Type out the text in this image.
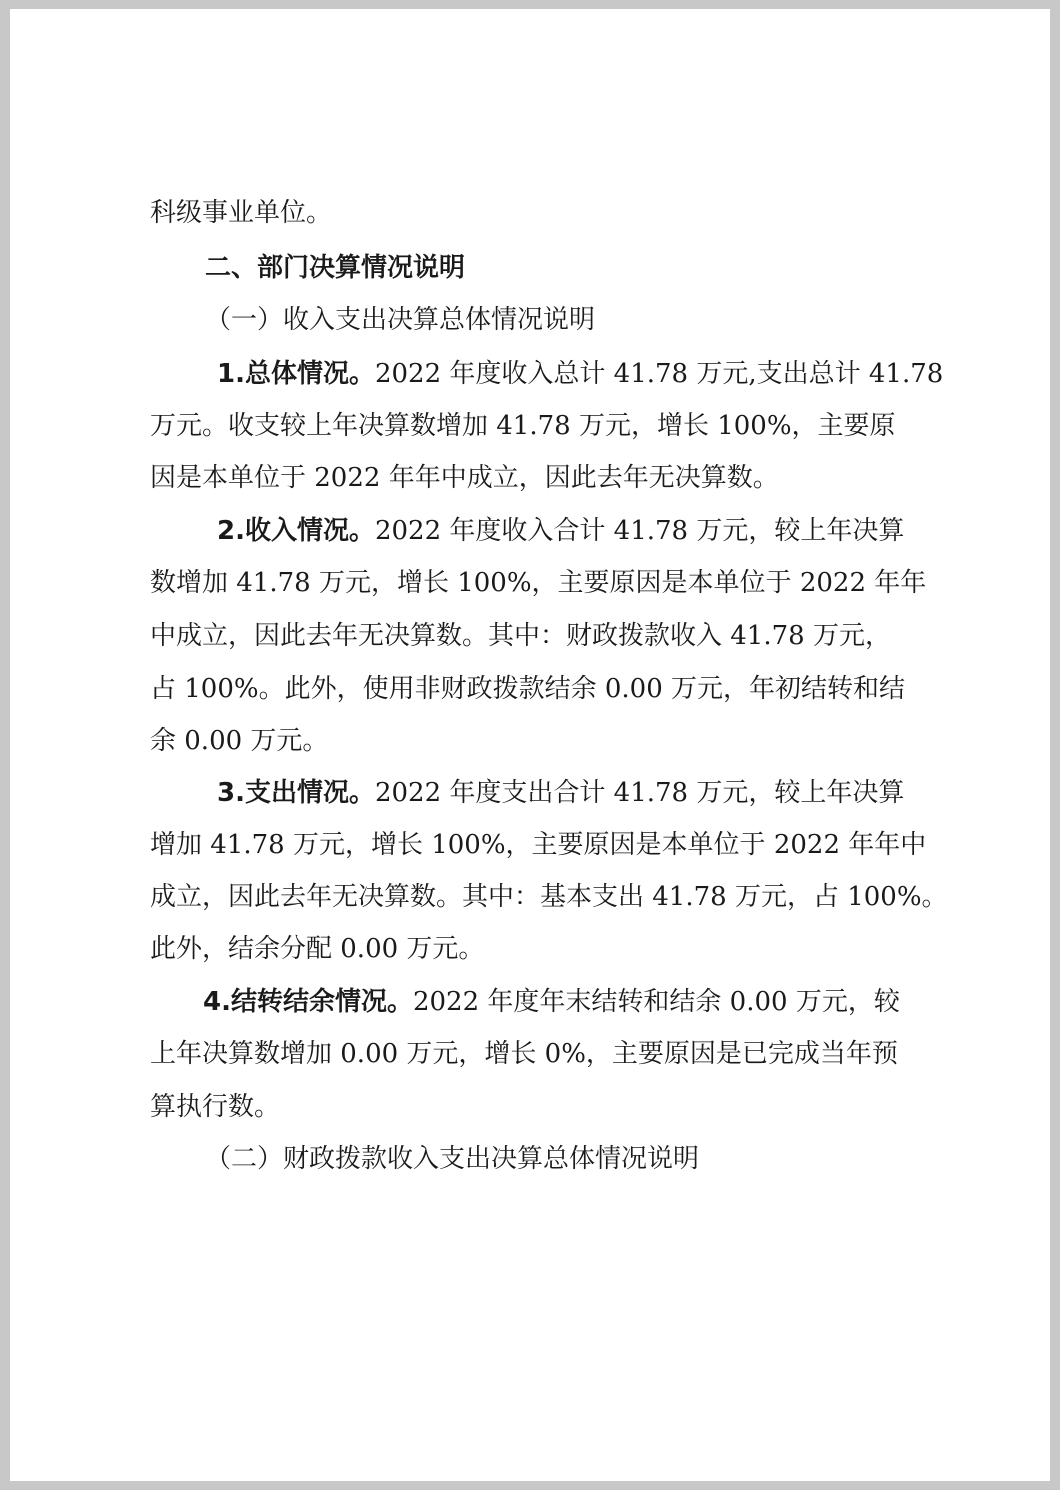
科级事业单位。
二、部门决算情况说明
（一）收入支出决算总体情况说明
1.总体情况。2022 年度收入总计 41.78 万元,支出总计 41.78
万元。收支较上年决算数增加 41.78 万元，增长 100%，主要原
因是本单位于 2022 年年中成立，因此去年无决算数。
2.收入情况。2022 年度收入合计 41.78 万元，较上年决算
数增加 41.78 万元，增长 100%，主要原因是本单位于 2022 年年
中成立，因此去年无决算数。其中：财政拨款收入 41.78 万元，
占 100%。此外，使用非财政拨款结余 0.00 万元，年初结转和结
余 0.00 万元。
3.支出情况。2022 年度支出合计 41.78 万元，较上年决算
增加 41.78 万元，增长 100%，主要原因是本单位于 2022 年年中
成立，因此去年无决算数。其中：基本支出 41.78 万元，占 100%。
此外，结余分配 0.00 万元。
4.结转结余情况。2022 年度年末结转和结余 0.00 万元，较
上年决算数增加 0.00 万元，增长 0%，主要原因是已完成当年预
算执行数。
（二）财政拨款收入支出决算总体情况说明
